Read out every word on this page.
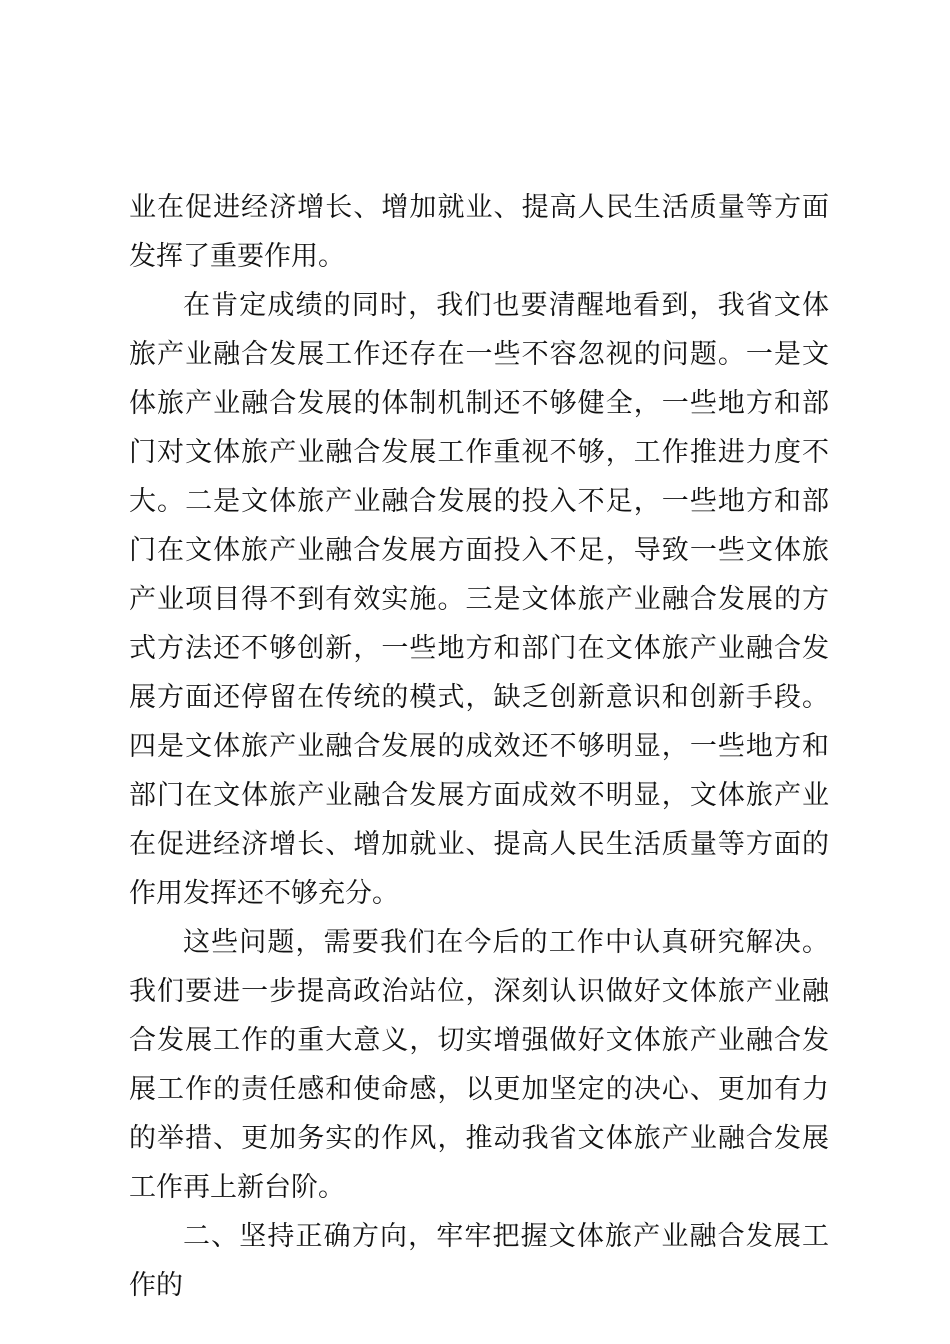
业在促进经济增长、增加就业、提高人民生活质量等方面发挥了重要作用。

在肯定成绩的同时，我们也要清醒地看到，我省文体旅产业融合发展工作还存在一些不容忽视的问题。一是文体旅产业融合发展的体制机制还不够健全，一些地方和部门对文体旅产业融合发展工作重视不够，工作推进力度不大。二是文体旅产业融合发展的投入不足，一些地方和部门在文体旅产业融合发展方面投入不足，导致一些文体旅产业项目得不到有效实施。三是文体旅产业融合发展的方式方法还不够创新，一些地方和部门在文体旅产业融合发展方面还停留在传统的模式，缺乏创新意识和创新手段。四是文体旅产业融合发展的成效还不够明显，一些地方和部门在文体旅产业融合发展方面成效不明显，文体旅产业在促进经济增长、增加就业、提高人民生活质量等方面的作用发挥还不够充分。

这些问题，需要我们在今后的工作中认真研究解决。我们要进一步提高政治站位，深刻认识做好文体旅产业融合发展工作的重大意义，切实增强做好文体旅产业融合发展工作的责任感和使命感，以更加坚定的决心、更加有力的举措、更加务实的作风，推动我省文体旅产业融合发展工作再上新台阶。

二、坚持正确方向，牢牢把握文体旅产业融合发展工作的
